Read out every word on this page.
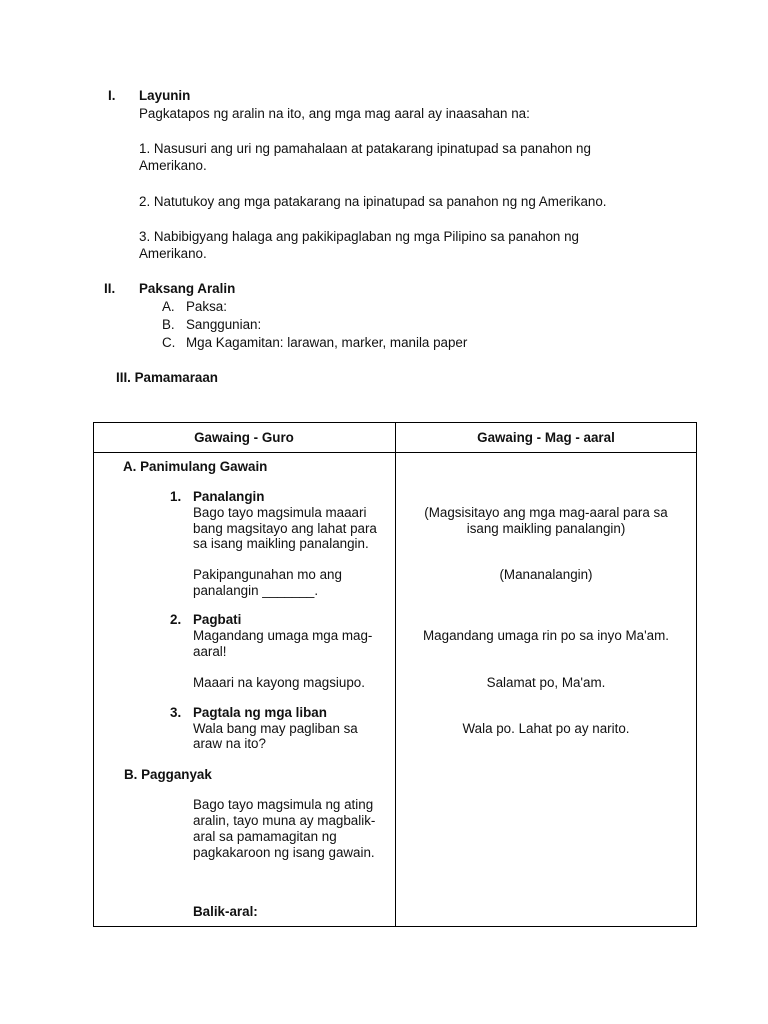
I. Layunin
Pagkatapos ng aralin na ito, ang mga mag aaral ay inaasahan na:
1. Nasusuri ang uri ng pamahalaan at patakarang ipinatupad sa panahon ng
Amerikano.
2. Natutukoy ang mga patakarang na ipinatupad sa panahon ng ng Amerikano.
3. Nabibigyang halaga ang pakikipaglaban ng mga Pilipino sa panahon ng
Amerikano.
II. Paksang Aralin
A. Paksa:
B. Sanggunian:
C. Mga Kagamitan: larawan, marker, manila paper
III. Pamamaraan
Gawaing - Guro	Gawaing - Mag - aaral
A. Panimulang Gawain
1. Panalangin
Bago tayo magsimula maaari
bang magsitayo ang lahat para
sa isang maikling panalangin.
Pakipangunahan mo ang
panalangin _______.
(Magsisitayo ang mga mag-aaral para sa
isang maikling panalangin)
(Mananalangin)
2. Pagbati
Magandang umaga mga mag-
aaral!
Maaari na kayong magsiupo.
Magandang umaga rin po sa inyo Ma'am.
Salamat po, Ma'am.
3. Pagtala ng mga liban
Wala bang may pagliban sa
araw na ito?
Wala po. Lahat po ay narito.
B. Pagganyak
Bago tayo magsimula ng ating
aralin, tayo muna ay magbalik-
aral sa pamamagitan ng
pagkakaroon ng isang gawain.
Balik-aral:
